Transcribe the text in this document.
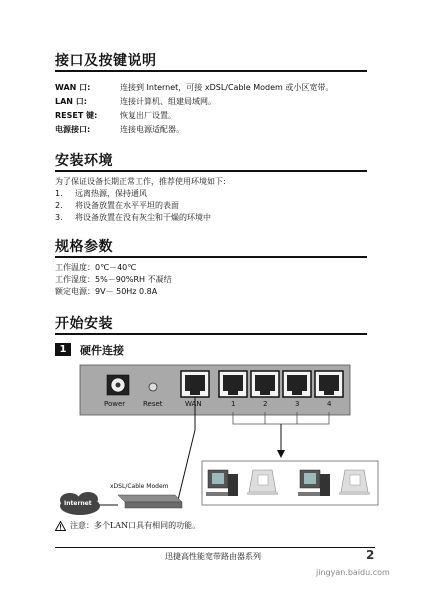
接口及按键说明
WAN 口:	连接到 Internet，可接 xDSL/Cable Modem 或小区宽带。
LAN 口:	连接计算机、组建局域网。
RESET 键:	恢复出厂设置。
电源接口:	连接电源适配器。
安装环境
为了保证设备长期正常工作，推荐使用环境如下:
1. 远离热源，保持通风
2. 将设备放置在水平平坦的表面
3. 将设备放置在没有灰尘和干燥的环境中
规格参数
工作温度：0℃－40℃
工作湿度：5%－90%RH 不凝结
额定电源：9V－ 50Hz 0.8A
开始安装
1	硬件连接
Power	Reset	WAN	1	2	3	4
xDSL/Cable Modem
Internet
注意：多个LAN口具有相同的功能。
迅捷高性能宽带路由器系列	2
jingyan.baidu.com
